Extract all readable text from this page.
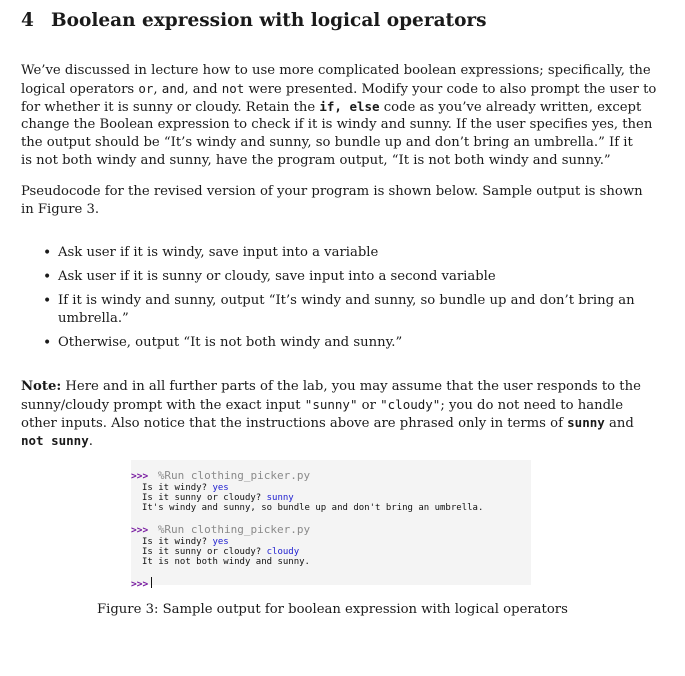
4 Boolean expression with logical operators

We’ve discussed in lecture how to use more complicated boolean expressions; specifically, the
logical operators or, and, and not were presented. Modify your code to also prompt the user to
for whether it is sunny or cloudy. Retain the if, else code as you’ve already written, except
change the Boolean expression to check if it is windy and sunny. If the user specifies yes, then
the output should be “It’s windy and sunny, so bundle up and don’t bring an umbrella.” If it
is not both windy and sunny, have the program output, “It is not both windy and sunny.”

Pseudocode for the revised version of your program is shown below. Sample output is shown
in Figure 3.

• Ask user if it is windy, save input into a variable
• Ask user if it is sunny or cloudy, save input into a second variable
• If it is windy and sunny, output “It’s windy and sunny, so bundle up and don’t bring an
umbrella.”
• Otherwise, output “It is not both windy and sunny.”

Note: Here and in all further parts of the lab, you may assume that the user responds to the
sunny/cloudy prompt with the exact input "sunny" or "cloudy"; you do not need to handle
other inputs. Also notice that the instructions above are phrased only in terms of sunny and
not sunny.

>>> %Run clothing_picker.py
Is it windy? yes
Is it sunny or cloudy? sunny
It's windy and sunny, so bundle up and don't bring an umbrella.
>>> %Run clothing_picker.py
Is it windy? yes
Is it sunny or cloudy? cloudy
It is not both windy and sunny.
>>>

Figure 3: Sample output for boolean expression with logical operators
